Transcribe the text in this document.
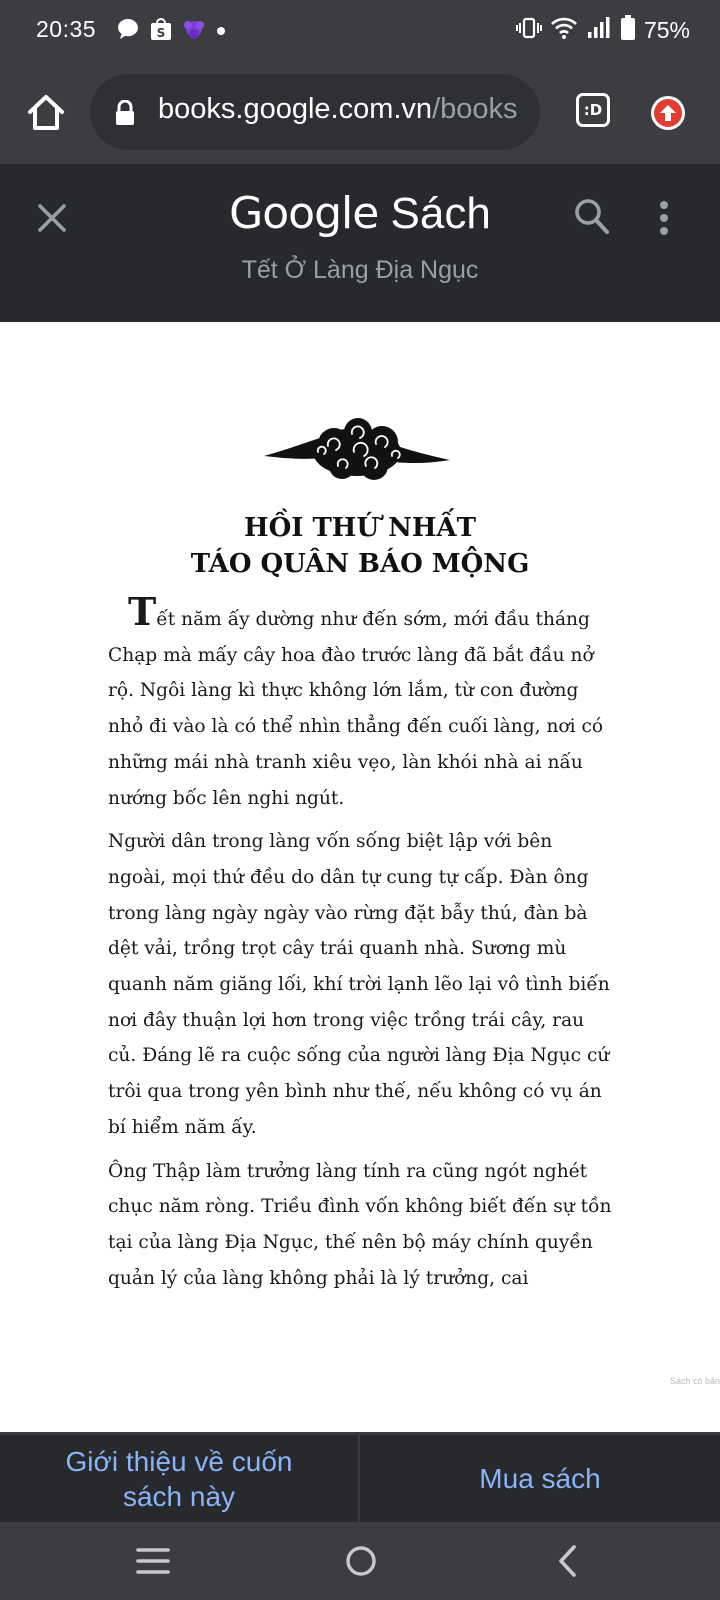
20:35	S	75%
books.google.com.vn/books	:D
Google Sách
Tết Ở Làng Địa Ngục
HỒI THỨ NHẤT
TÁO QUÂN BÁO MỘNG

Tết năm ấy dường như đến sớm, mới đầu tháng Chạp mà mấy cây hoa đào trước làng đã bắt đầu nở rộ. Ngôi làng kì thực không lớn lắm, từ con đường nhỏ đi vào là có thể nhìn thẳng đến cuối làng, nơi có những mái nhà tranh xiêu vẹo, làn khói nhà ai nấu nướng bốc lên nghi ngút.

Người dân trong làng vốn sống biệt lập với bên ngoài, mọi thứ đều do dân tự cung tự cấp. Đàn ông trong làng ngày ngày vào rừng đặt bẫy thú, đàn bà dệt vải, trồng trọt cây trái quanh nhà. Sương mù quanh năm giăng lối, khí trời lạnh lẽo lại vô tình biến nơi đây thuận lợi hơn trong việc trồng trái cây, rau củ. Đáng lẽ ra cuộc sống của người làng Địa Ngục cứ trôi qua trong yên bình như thế, nếu không có vụ án bí hiểm năm ấy.

Ông Thập làm trưởng làng tính ra cũng ngót nghét chục năm ròng. Triều đình vốn không biết đến sự tồn tại của làng Địa Ngục, thế nên bộ máy chính quyền quản lý của làng không phải là lý trưởng, cai

Sách có bản
Giới thiệu về cuốn sách này
Mua sách
